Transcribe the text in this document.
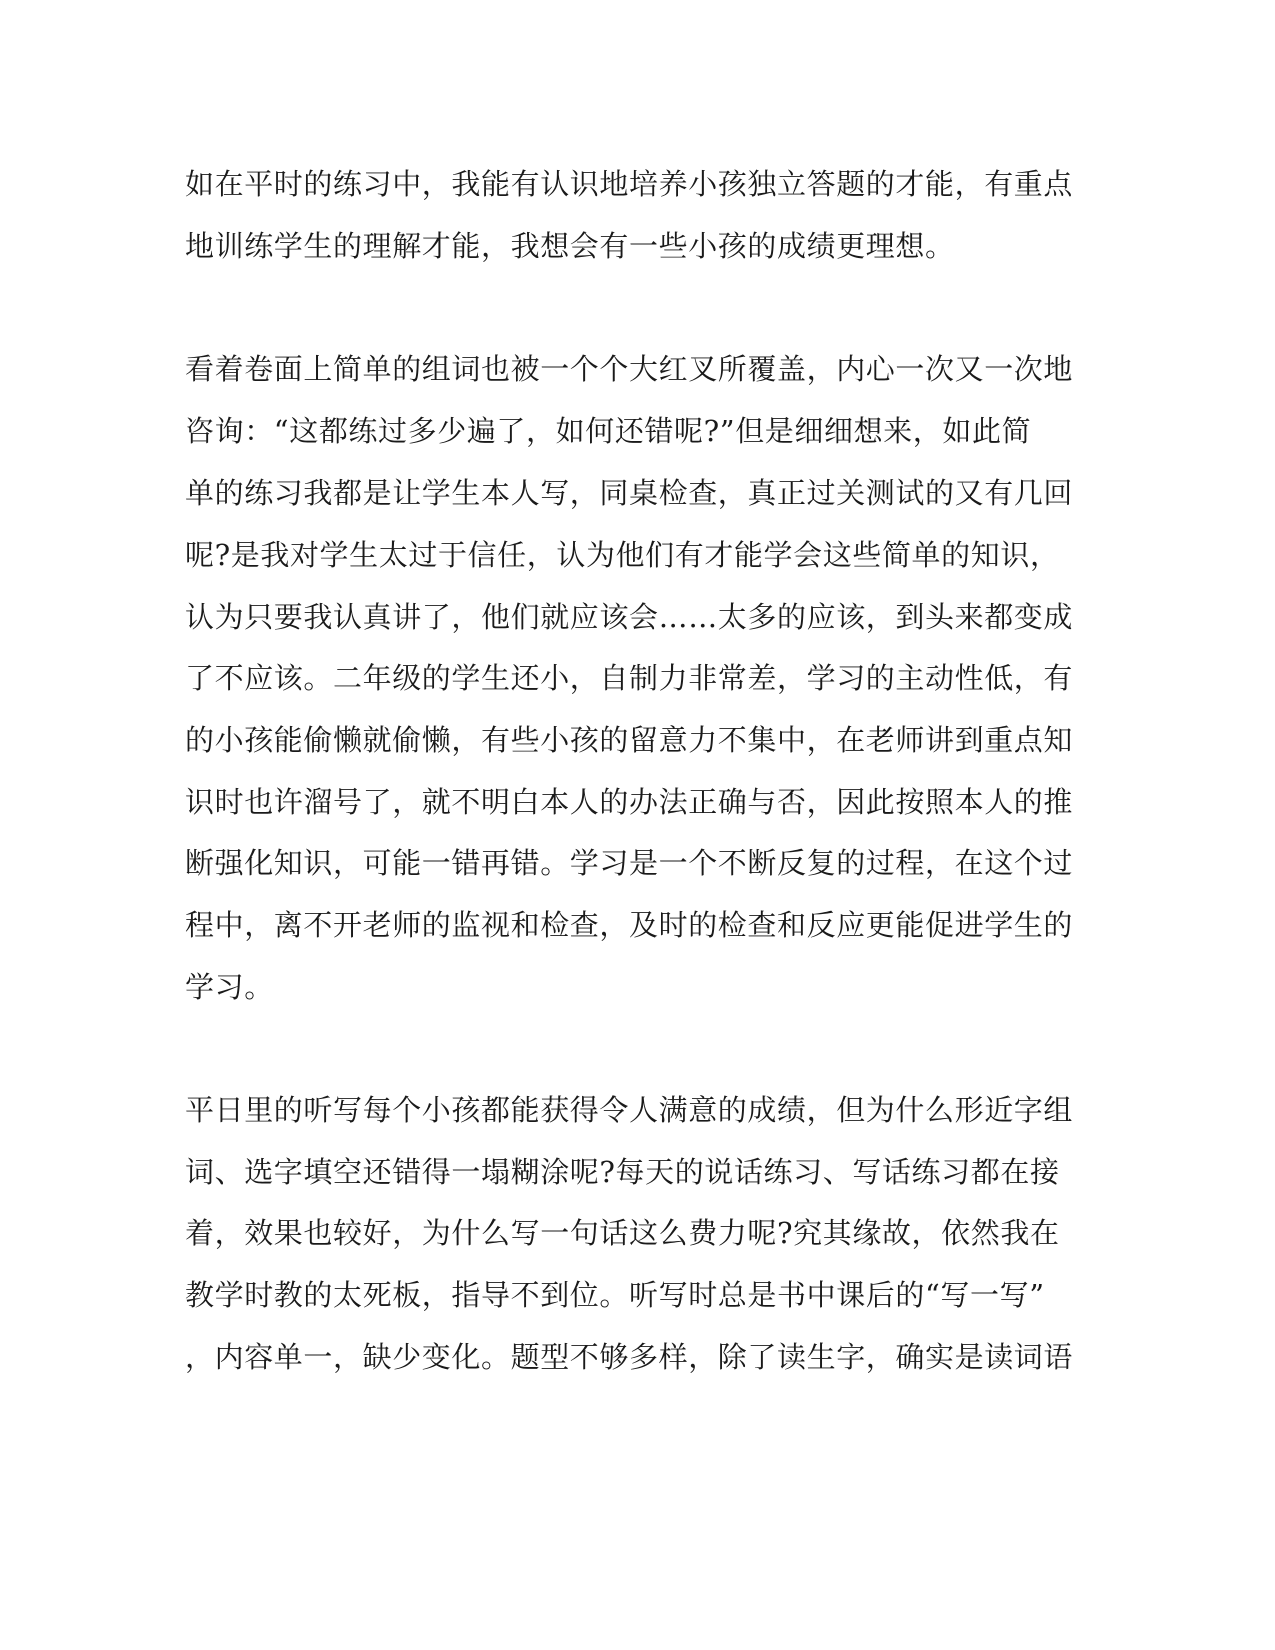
如在平时的练习中，我能有认识地培养小孩独立答题的才能，有重点
地训练学生的理解才能，我想会有一些小孩的成绩更理想。
看着卷面上简单的组词也被一个个大红叉所覆盖，内心一次又一次地
咨询：“这都练过多少遍了，如何还错呢?”但是细细想来，如此简
单的练习我都是让学生本人写，同桌检查，真正过关测试的又有几回
呢?是我对学生太过于信任，认为他们有才能学会这些简单的知识，
认为只要我认真讲了，他们就应该会……太多的应该，到头来都变成
了不应该。二年级的学生还小，自制力非常差，学习的主动性低，有
的小孩能偷懒就偷懒，有些小孩的留意力不集中，在老师讲到重点知
识时也许溜号了，就不明白本人的办法正确与否，因此按照本人的推
断强化知识，可能一错再错。学习是一个不断反复的过程，在这个过
程中，离不开老师的监视和检查，及时的检查和反应更能促进学生的
学习。
平日里的听写每个小孩都能获得令人满意的成绩，但为什么形近字组
词、选字填空还错得一塌糊涂呢?每天的说话练习、写话练习都在接
着，效果也较好，为什么写一句话这么费力呢?究其缘故，依然我在
教学时教的太死板，指导不到位。听写时总是书中课后的“写一写”
，内容单一，缺少变化。题型不够多样，除了读生字，确实是读词语
